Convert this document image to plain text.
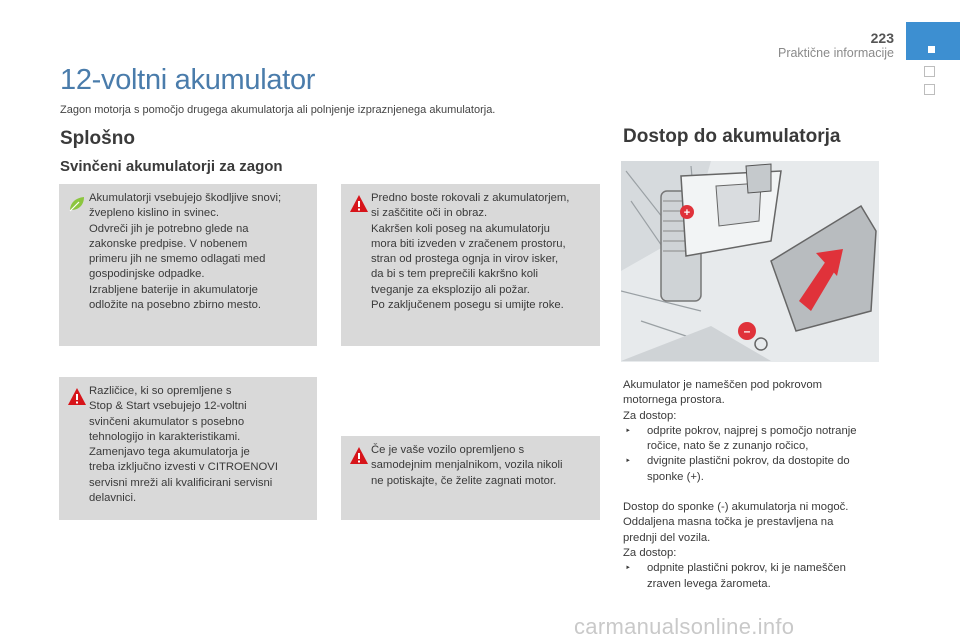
223
Praktične informacije
12-voltni akumulator
Zagon motorja s pomočjo drugega akumulatorja ali polnjenje izpraznjenega akumulatorja.
Splošno
Svinčeni akumulatorji za zagon
Akumulatorji vsebujejo škodljive snovi;
žvepleno kislino in svinec.
Odvreči jih je potrebno glede na
zakonske predpise. V nobenem
primeru jih ne smemo odlagati med
gospodinjske odpadke.
Izrabljene baterije in akumulatorje
odložite na posebno zbirno mesto.
Predno boste rokovali z akumulatorjem,
si zaščitite oči in obraz.
Kakršen koli poseg na akumulatorju
mora biti izveden v zračenem prostoru,
stran od prostega ognja in virov isker,
da bi s tem preprečili kakršno koli
tveganje za eksplozijo ali požar.
Po zaključenem posegu si umijte roke.
Različice, ki so opremljene s
Stop & Start vsebujejo 12-voltni
svinčeni akumulator s posebno
tehnologijo in karakteristikami.
Zamenjavo tega akumulatorja je
treba izključno izvesti v CITROENOVI
servisni mreži ali kvalificirani servisni
delavnici.
Če je vaše vozilo opremljeno s
samodejnim menjalnikom, vozila nikoli
ne potiskajte, če želite zagnati motor.
Dostop do akumulatorja
+
–

Akumulator je nameščen pod pokrovom
motornega prostora.
Za dostop:

‣ odprite pokrov, najprej s pomočjo notranje
ročice, nato še z zunanjo ročico,

‣ dvignite plastični pokrov, da dostopite do
sponke (+).

Dostop do sponke (-) akumulatorja ni mogoč.
Oddaljena masna točka je prestavljena na
prednji del vozila.
Za dostop:

‣ odpnite plastični pokrov, ki je nameščen
zraven levega žarometa.

carmanualsonline.info
